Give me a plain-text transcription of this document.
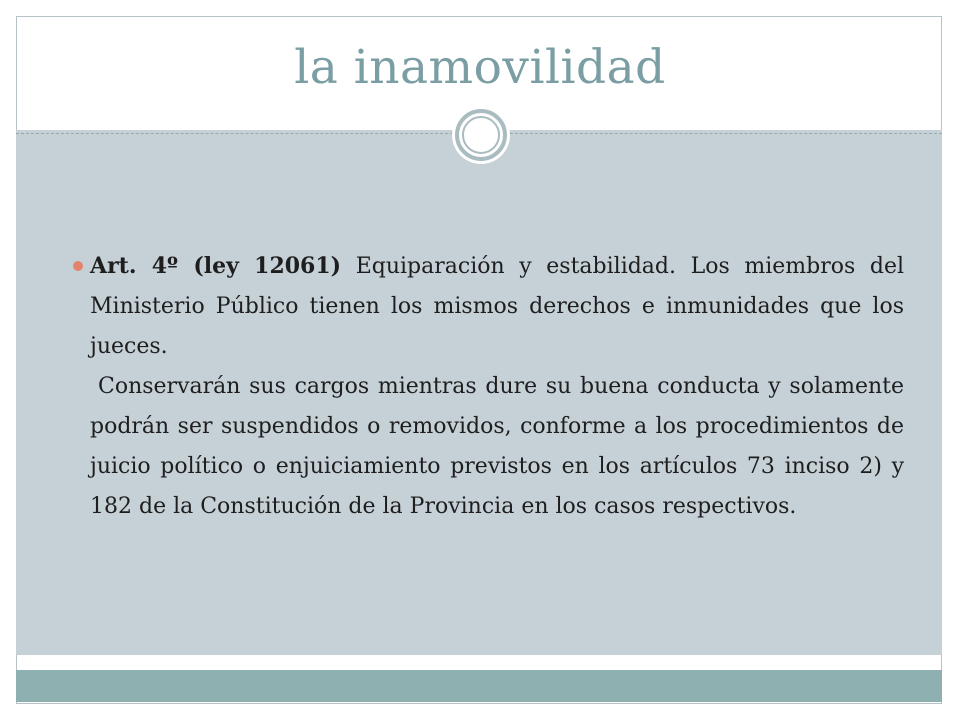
la inamovilidad

Art. 4º (ley 12061) Equiparación y estabilidad. Los miembros del Ministerio Público tienen los mismos derechos e inmunidades que los jueces.

Conservarán sus cargos mientras dure su buena conducta y solamente podrán ser suspendidos o removidos, conforme a los procedimientos de juicio político o enjuiciamiento previstos en los artículos 73 inciso 2) y 182 de la Constitución de la Provincia en los casos respectivos.
